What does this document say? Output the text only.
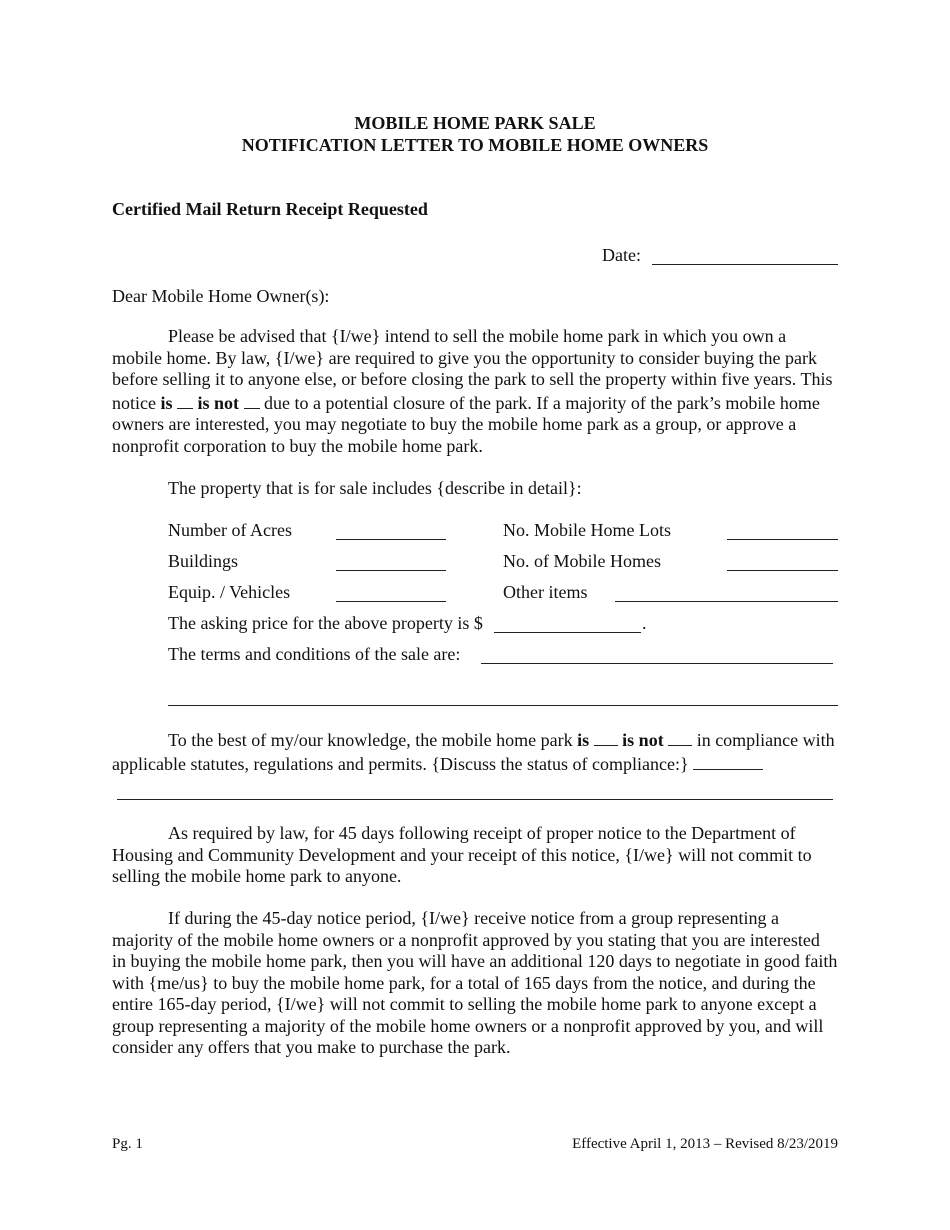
MOBILE HOME PARK SALE
NOTIFICATION LETTER TO MOBILE HOME OWNERS
Certified Mail Return Receipt Requested
Date:
Dear Mobile Home Owner(s):
Please be advised that {I/we} intend to sell the mobile home park in which you own a mobile home. By law, {I/we} are required to give you the opportunity to consider buying the park before selling it to anyone else, or before closing the park to sell the property within five years. This notice is is not  due to a potential closure of the park. If a majority of the park’s mobile home owners are interested, you may negotiate to buy the mobile home park as a group, or approve a nonprofit corporation to buy the mobile home park.
The property that is for sale includes {describe in detail}:
Number of Acres	No. Mobile Home Lots
Buildings	No. of Mobile Homes
Equip. / Vehicles	Other items
The asking price for the above property is $	.
The terms and conditions of the sale are:
To the best of my/our knowledge, the mobile home park is is not  in compliance with applicable statutes, regulations and permits. {Discuss the status of compliance:}
As required by law, for 45 days following receipt of proper notice to the Department of Housing and Community Development and your receipt of this notice, {I/we} will not commit to selling the mobile home park to anyone.
If during the 45-day notice period, {I/we} receive notice from a group representing a majority of the mobile home owners or a nonprofit approved by you stating that you are interested in buying the mobile home park, then you will have an additional 120 days to negotiate in good faith with {me/us} to buy the mobile home park, for a total of 165 days from the notice, and during the entire 165-day period, {I/we} will not commit to selling the mobile home park to anyone except a group representing a majority of the mobile home owners or a nonprofit approved by you, and will consider any offers that you make to purchase the park.
Pg. 1	Effective April 1, 2013 – Revised 8/23/2019
